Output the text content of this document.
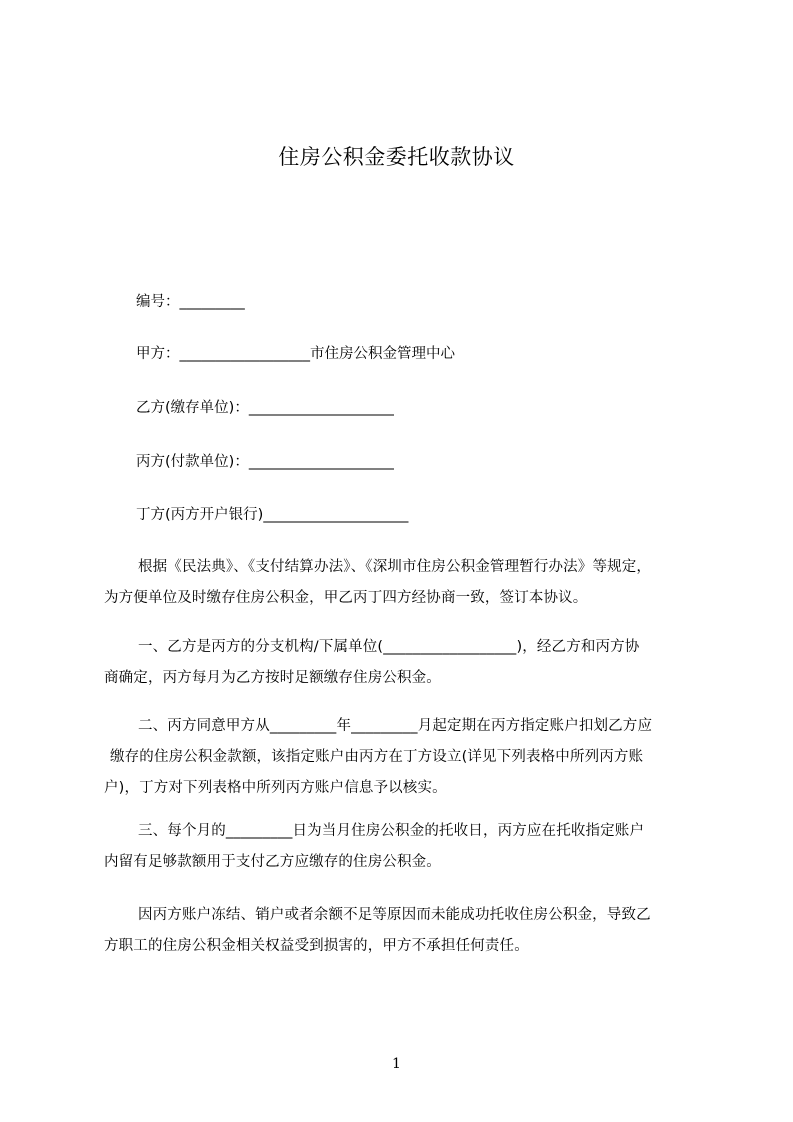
住房公积金委托收款协议
编号：_________
甲方：__________________市住房公积金管理中心
乙方(缴存单位)：____________________
丙方(付款单位)：____________________
丁方(丙方开户银行)____________________
根据《民法典》、《支付结算办法》、《深圳市住房公积金管理暂行办法》等规定，
为方便单位及时缴存住房公积金，甲乙丙丁四方经协商一致，签订本协议。
一、乙方是丙方的分支机构/下属单位(__________________)，经乙方和丙方协
商确定，丙方每月为乙方按时足额缴存住房公积金。
二、丙方同意甲方从_________年_________月起定期在丙方指定账户扣划乙方应
缴存的住房公积金款额，该指定账户由丙方在丁方设立(详见下列表格中所列丙方账
户)，丁方对下列表格中所列丙方账户信息予以核实。
三、每个月的_________日为当月住房公积金的托收日，丙方应在托收指定账户
内留有足够款额用于支付乙方应缴存的住房公积金。
因丙方账户冻结、销户或者余额不足等原因而未能成功托收住房公积金，导致乙
方职工的住房公积金相关权益受到损害的，甲方不承担任何责任。
1
